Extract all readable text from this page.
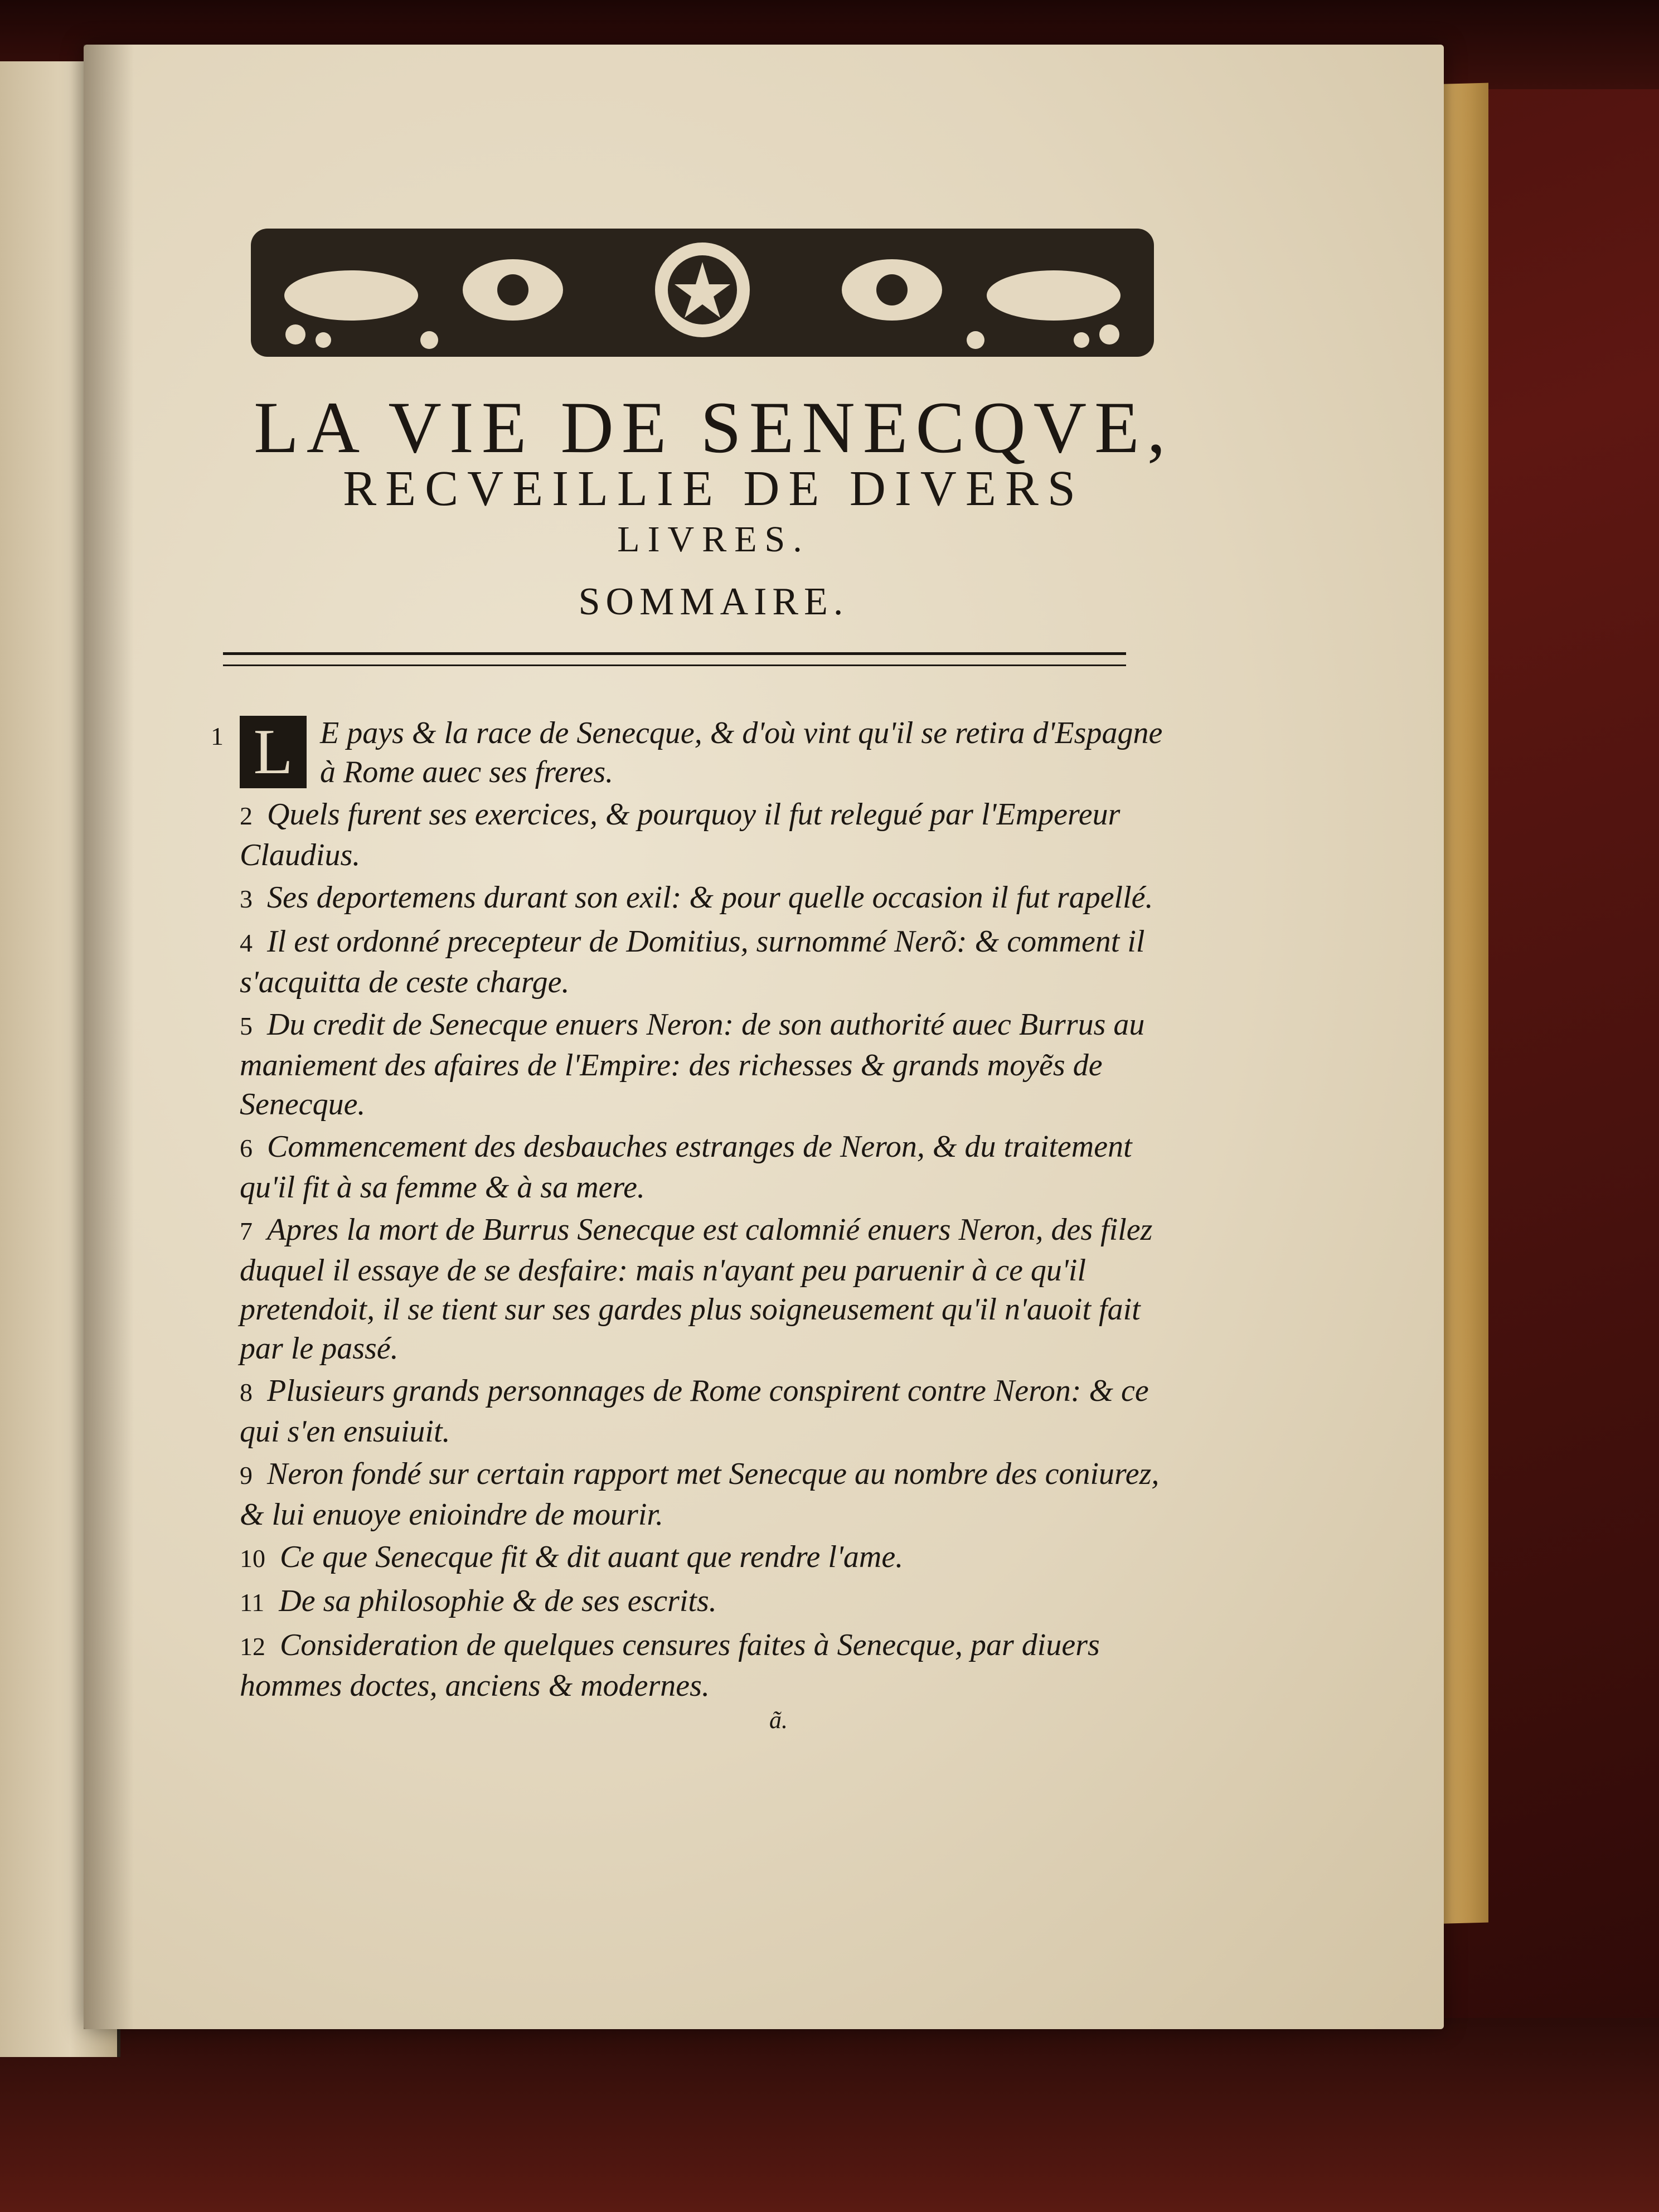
LA VIE DE SENECQVE,
RECVEILLIE DE DIVERS
LIVRES.
SOMMAIRE.

1 L E pays & la race de Senecque, & d'où vint qu'il se retira d'Espagne à Rome auec ses freres.

2 Quels furent ses exercices, & pourquoy il fut relegué par l'Empereur Claudius.

3 Ses deportemens durant son exil: & pour quelle occasion il fut rapellé.

4 Il est ordonné precepteur de Domitius, surnommé Nerõ: & comment il s'acquitta de ceste charge.

5 Du credit de Senecque enuers Neron: de son authorité auec Burrus au maniement des afaires de l'Empire: des richesses & grands moyẽs de Senecque.

6 Commencement des desbauches estranges de Neron, & du traitement qu'il fit à sa femme & à sa mere.

7 Apres la mort de Burrus Senecque est calomnié enuers Neron, des filez duquel il essaye de se desfaire: mais n'ayant peu paruenir à ce qu'il pretendoit, il se tient sur ses gardes plus soigneusement qu'il n'auoit fait par le passé.

8 Plusieurs grands personnages de Rome conspirent contre Neron: & ce qui s'en ensuiuit.

9 Neron fondé sur certain rapport met Senecque au nombre des coniurez, & lui enuoye enioindre de mourir.

10 Ce que Senecque fit & dit auant que rendre l'ame.

11 De sa philosophie & de ses escrits.

12 Consideration de quelques censures faites à Senecque, par diuers hommes doctes, anciens & modernes.

ã.
